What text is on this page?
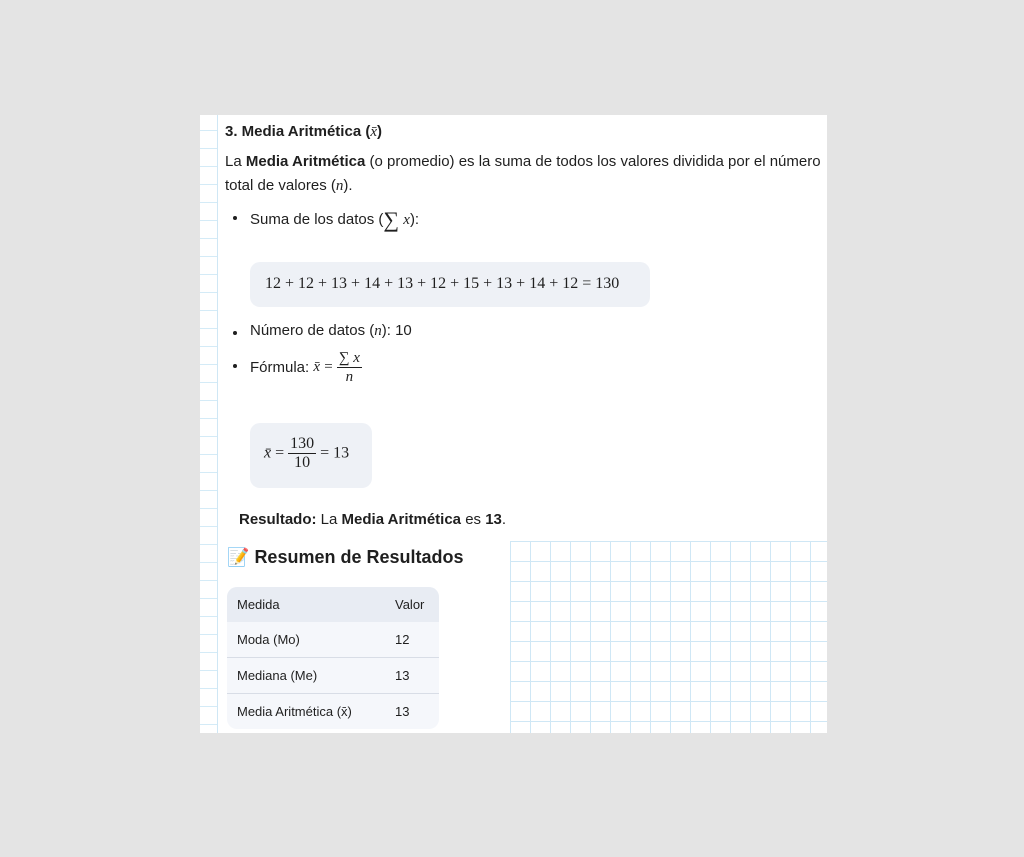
3. Media Aritmética (x̄)

La Media Aritmética (o promedio) es la suma de todos los valores dividida por el número total de valores (n).

Suma de los datos (∑ x):
12 + 12 + 13 + 14 + 13 + 12 + 15 + 13 + 14 + 12 = 130
Número de datos (n): 10
Fórmula: x̄ = $\frac{\sum x}{n}$
x̄ = $\frac{130}{10} = 13$
Resultado: La Media Aritmética es 13.
📝 Resumen de Resultados
Medida	Valor
Moda (Mo)	12
Mediana (Me)	13
Media Aritmética (x̄)	13
